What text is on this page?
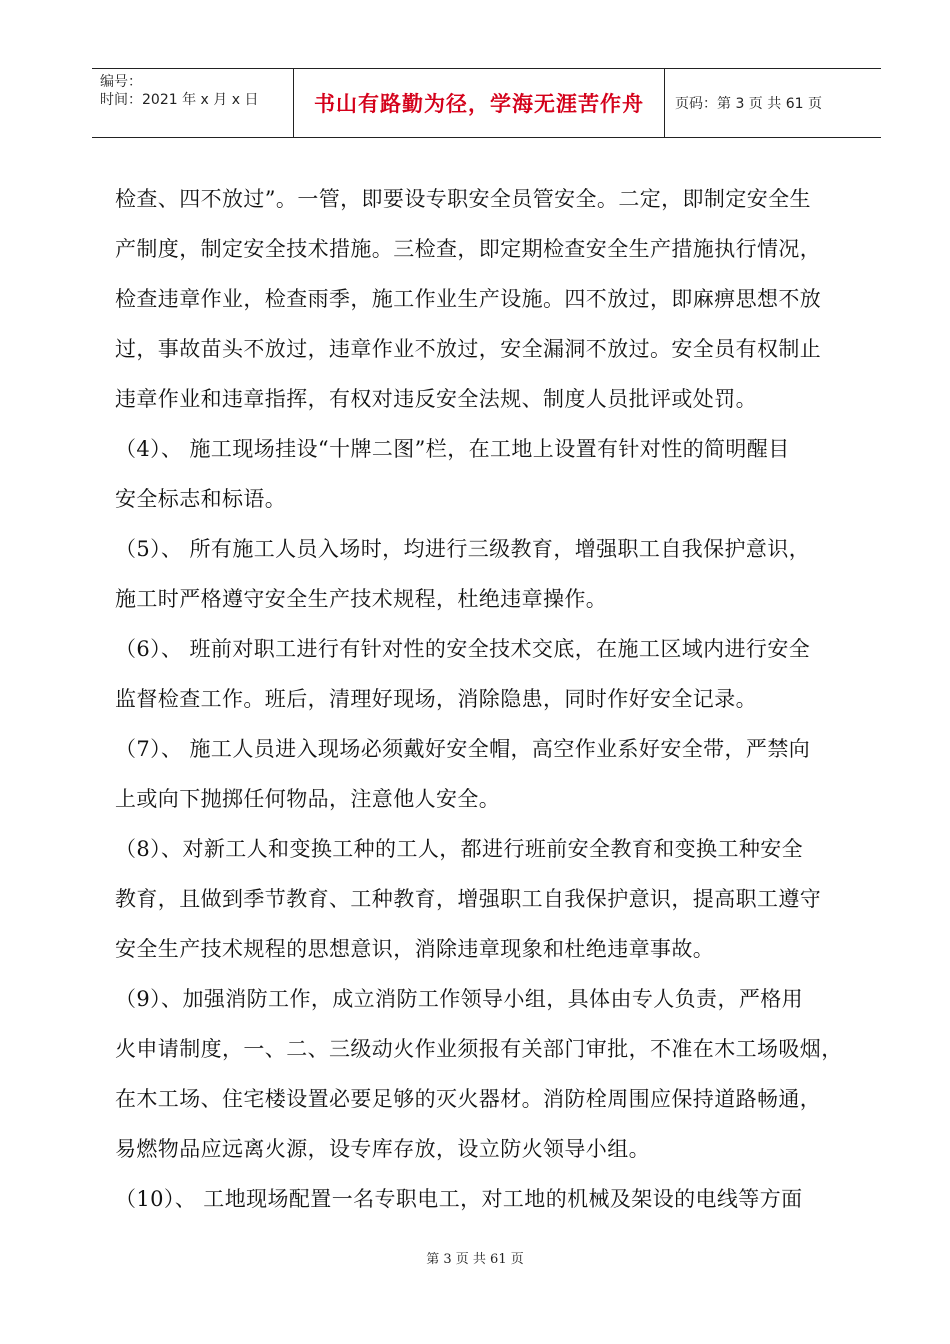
编号：
时间：2021 年 x 月 x 日	书山有路勤为径，学海无涯苦作舟	页码：第 3 页 共 61 页
检查、四不放过”。一管，即要设专职安全员管安全。二定，即制定安全生
产制度，制定安全技术措施。三检查，即定期检查安全生产措施执行情况，
检查违章作业，检查雨季，施工作业生产设施。四不放过，即麻痹思想不放
过，事故苗头不放过，违章作业不放过，安全漏洞不放过。安全员有权制止
违章作业和违章指挥，有权对违反安全法规、制度人员批评或处罚。
（4）、 施工现场挂设“十牌二图”栏，在工地上设置有针对性的简明醒目
安全标志和标语。
（5）、 所有施工人员入场时，均进行三级教育，增强职工自我保护意识，
施工时严格遵守安全生产技术规程，杜绝违章操作。
（6）、 班前对职工进行有针对性的安全技术交底，在施工区域内进行安全
监督检查工作。班后，清理好现场，消除隐患，同时作好安全记录。
（7）、 施工人员进入现场必须戴好安全帽，高空作业系好安全带，严禁向
上或向下抛掷任何物品，注意他人安全。
（8）、对新工人和变换工种的工人，都进行班前安全教育和变换工种安全
教育，且做到季节教育、工种教育，增强职工自我保护意识，提高职工遵守
安全生产技术规程的思想意识，消除违章现象和杜绝违章事故。
（9）、加强消防工作，成立消防工作领导小组，具体由专人负责，严格用
火申请制度，一、二、三级动火作业须报有关部门审批，不准在木工场吸烟，
在木工场、住宅楼设置必要足够的灭火器材。消防栓周围应保持道路畅通，
易燃物品应远离火源，设专库存放，设立防火领导小组。
（10）、 工地现场配置一名专职电工，对工地的机械及架设的电线等方面
第 3 页 共 61 页
